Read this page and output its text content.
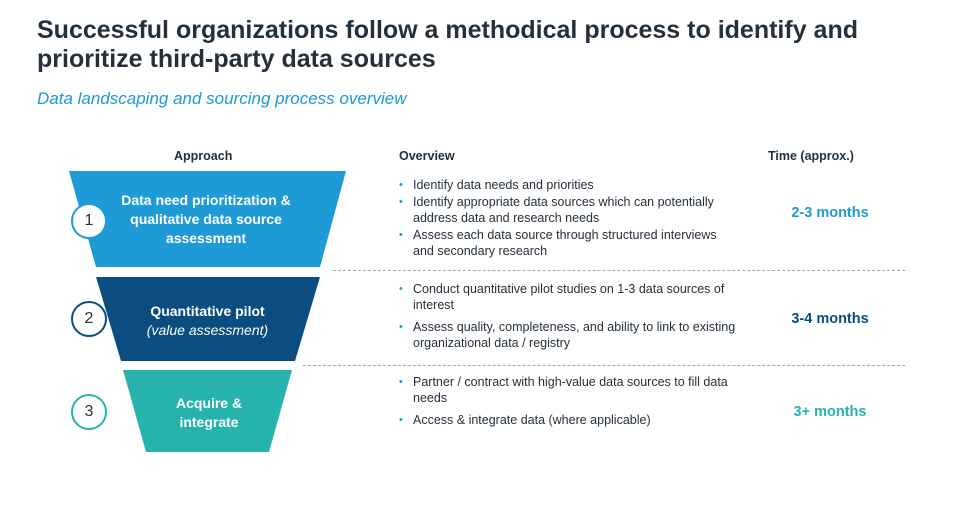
Successful organizations follow a methodical process to identify and prioritize third-party data sources
Data landscaping and sourcing process overview
Approach	Overview	Time (approx.)
Data need prioritization & qualitative data source assessment
Quantitative pilot
(value assessment)
Acquire & integrate
1
2
3
• Identify data needs and priorities
• Identify appropriate data sources which can potentially address data and research needs
• Assess each data source through structured interviews and secondary research
• Conduct quantitative pilot studies on 1-3 data sources of interest
• Assess quality, completeness, and ability to link to existing organizational data / registry
• Partner / contract with high-value data sources to fill data needs
• Access & integrate data (where applicable)
2-3 months
3-4 months
3+ months
